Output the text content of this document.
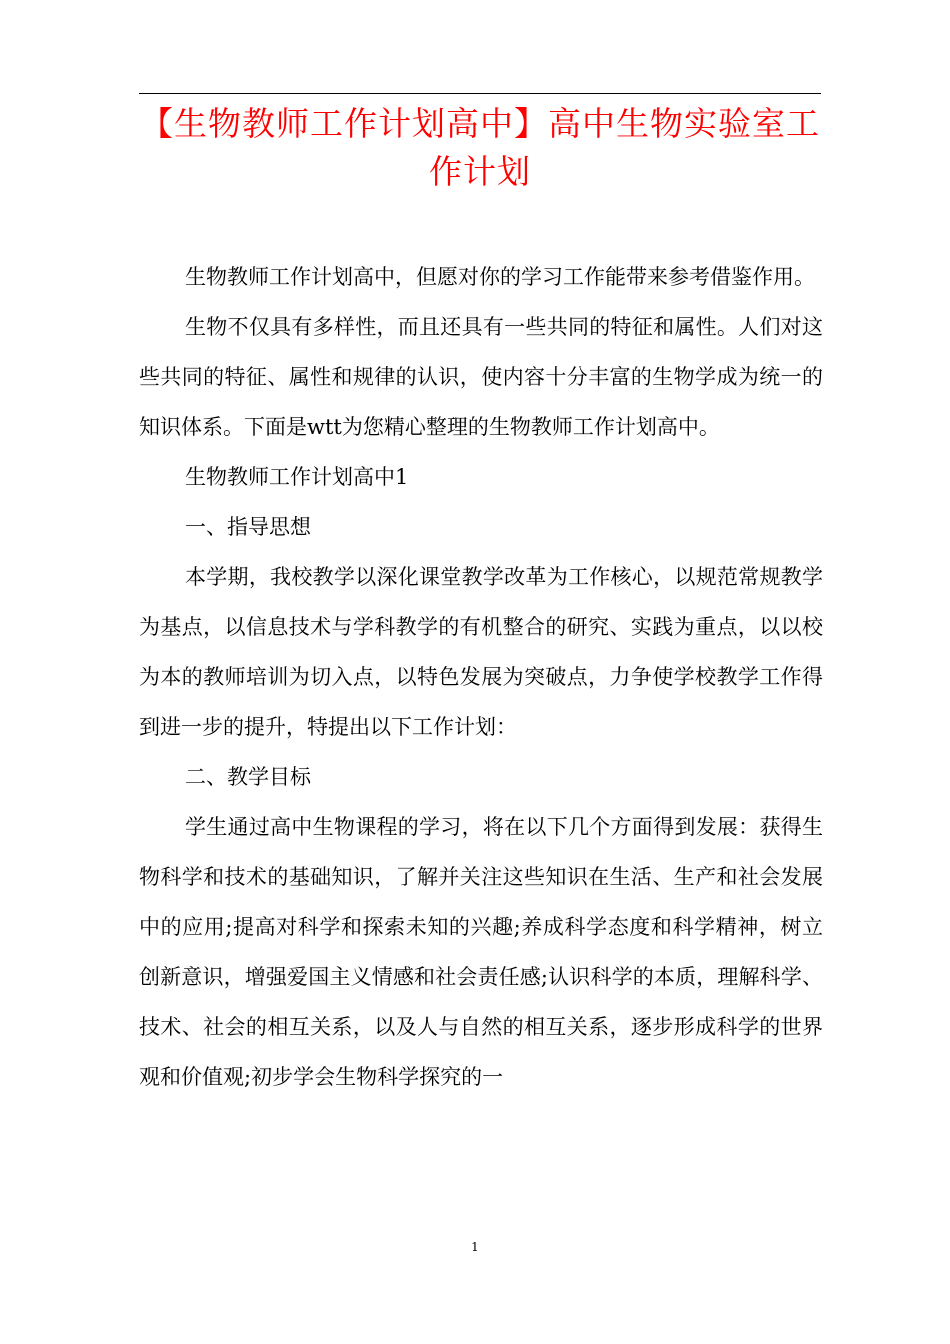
【生物教师工作计划高中】高中生物实验室工作计划

生物教师工作计划高中，但愿对你的学习工作能带来参考借鉴作用。

生物不仅具有多样性，而且还具有一些共同的特征和属性。人们对这些共同的特征、属性和规律的认识，使内容十分丰富的生物学成为统一的知识体系。下面是wtt为您精心整理的生物教师工作计划高中。

生物教师工作计划高中1

一、指导思想

本学期，我校教学以深化课堂教学改革为工作核心，以规范常规教学为基点，以信息技术与学科教学的有机整合的研究、实践为重点，以以校为本的教师培训为切入点，以特色发展为突破点，力争使学校教学工作得到进一步的提升，特提出以下工作计划：

二、教学目标

学生通过高中生物课程的学习，将在以下几个方面得到发展：获得生物科学和技术的基础知识，了解并关注这些知识在生活、生产和社会发展中的应用;提高对科学和探索未知的兴趣;养成科学态度和科学精神，树立创新意识，增强爱国主义情感和社会责任感;认识科学的本质，理解科学、技术、社会的相互关系，以及人与自然的相互关系，逐步形成科学的世界观和价值观;初步学会生物科学探究的一

1
